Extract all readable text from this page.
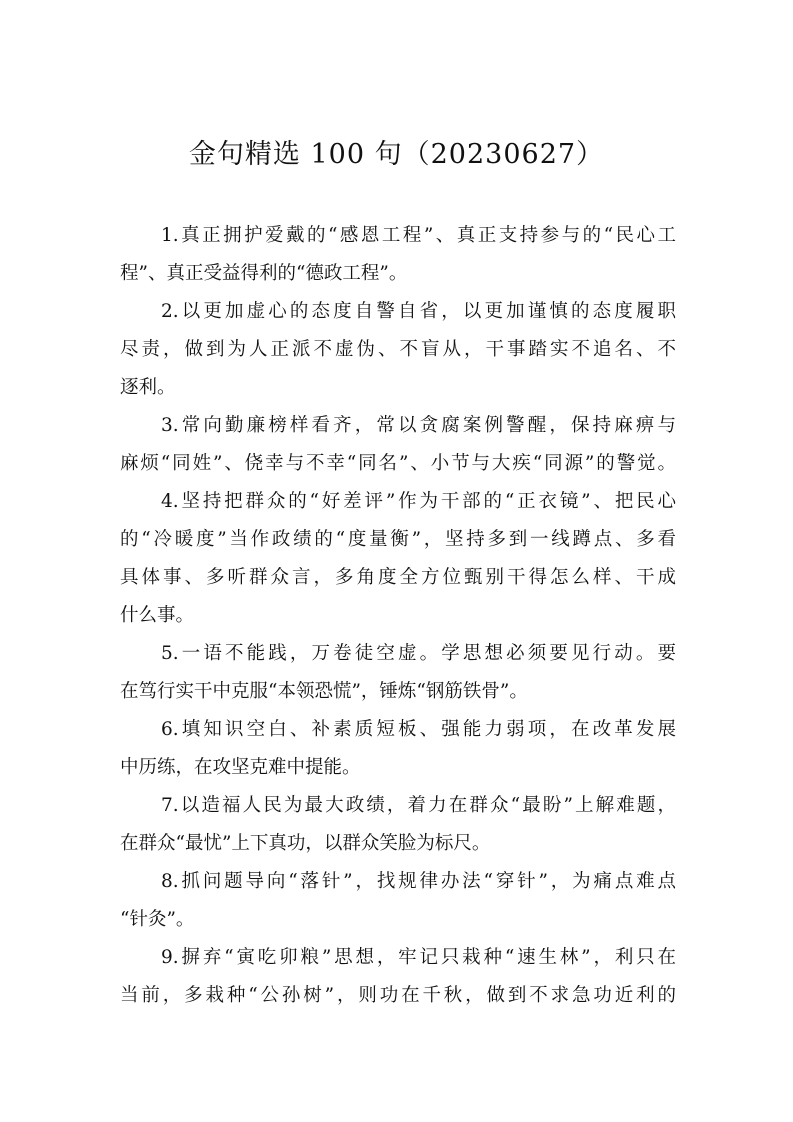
金句精选 100 句（20230627）
1.真正拥护爱戴的“感恩工程”、真正支持参与的“民心工
程”、真正受益得利的“德政工程”。
2.以更加虚心的态度自警自省，以更加谨慎的态度履职
尽责，做到为人正派不虚伪、不盲从，干事踏实不追名、不
逐利。
3.常向勤廉榜样看齐，常以贪腐案例警醒，保持麻痹与
麻烦“同姓”、侥幸与不幸“同名”、小节与大疾“同源”的警觉。
4.坚持把群众的“好差评”作为干部的“正衣镜”、把民心
的“冷暖度”当作政绩的“度量衡”，坚持多到一线蹲点、多看
具体事、多听群众言，多角度全方位甄别干得怎么样、干成
什么事。
5.一语不能践，万卷徒空虚。学思想必须要见行动。要
在笃行实干中克服“本领恐慌”，锤炼“钢筋铁骨”。
6.填知识空白、补素质短板、强能力弱项，在改革发展
中历练，在攻坚克难中提能。
7.以造福人民为最大政绩，着力在群众“最盼”上解难题，
在群众“最忧”上下真功，以群众笑脸为标尺。
8.抓问题导向“落针”，找规律办法“穿针”，为痛点难点
“针灸”。
9.摒弃“寅吃卯粮”思想，牢记只栽种“速生林”，利只在
当前，多栽种“公孙树”，则功在千秋，做到不求急功近利的
